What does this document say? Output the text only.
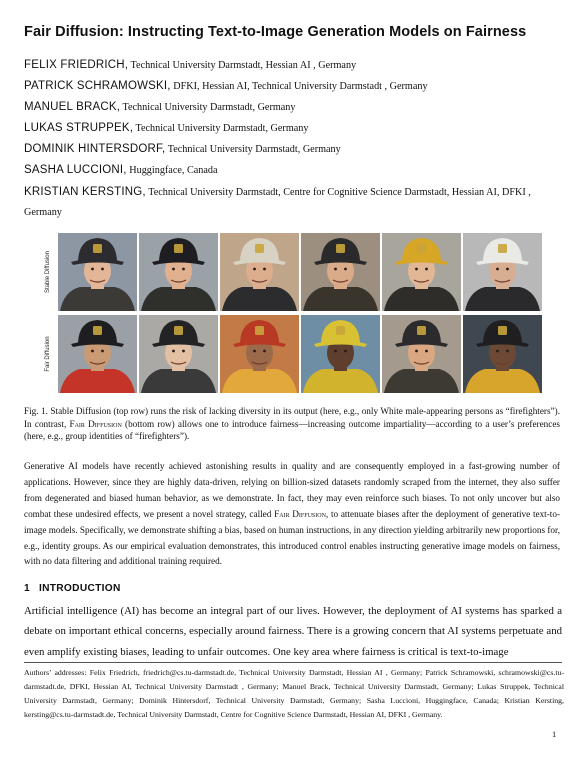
Fair Diffusion: Instructing Text-to-Image Generation Models on Fairness
FELIX FRIEDRICH, Technical University Darmstadt, Hessian AI , Germany
PATRICK SCHRAMOWSKI, DFKI, Hessian AI, Technical University Darmstadt , Germany
MANUEL BRACK, Technical University Darmstadt, Germany
LUKAS STRUPPEK, Technical University Darmstadt, Germany
DOMINIK HINTERSDORF, Technical University Darmstadt, Germany
SASHA LUCCIONI, Huggingface, Canada
KRISTIAN KERSTING, Technical University Darmstadt, Centre for Cognitive Science Darmstadt, Hessian AI, DFKI , Germany
Stable Diffusion
Fair Diffusion
Fig. 1. Stable Diffusion (top row) runs the risk of lacking diversity in its output (here, e.g., only White male-appearing persons as “firefighters”). In contrast, Fair Diffusion (bottom row) allows one to introduce fairness—increasing outcome impartiality—according to a user’s preferences (here, e.g., group identities of “firefighters”).
Generative AI models have recently achieved astonishing results in quality and are consequently employed in a fast-growing number of applications. However, since they are highly data-driven, relying on billion-sized datasets randomly scraped from the internet, they also suffer from degenerated and biased human behavior, as we demonstrate. In fact, they may even reinforce such biases. To not only uncover but also combat these undesired effects, we present a novel strategy, called Fair Diffusion, to attenuate biases after the deployment of generative text-to-image models. Specifically, we demonstrate shifting a bias, based on human instructions, in any direction yielding arbitrarily new proportions for, e.g., identity groups. As our empirical evaluation demonstrates, this introduced control enables instructing generative image models on fairness, with no data filtering and additional training required.
1 INTRODUCTION
Artificial intelligence (AI) has become an integral part of our lives. However, the deployment of AI systems has sparked a debate on important ethical concerns, especially around fairness. There is a growing concern that AI systems perpetuate and even amplify existing biases, leading to unfair outcomes. One key area where fairness is critical is text-to-image
Authors’ addresses: Felix Friedrich, friedrich@cs.tu-darmstadt.de, Technical University Darmstadt, Hessian AI , Germany; Patrick Schramowski, schramowski@cs.tu-darmstadt.de, DFKI, Hessian AI, Technical University Darmstadt , Germany; Manuel Brack, Technical University Darmstadt, Germany; Lukas Struppek, Technical University Darmstadt, Germany; Dominik Hintersdorf, Technical University Darmstadt, Germany; Sasha Luccioni, Huggingface, Canada; Kristian Kersting, kersting@cs.tu-darmstadt.de, Technical University Darmstadt, Centre for Cognitive Science Darmstadt, Hessian AI, DFKI , Germany.
1
